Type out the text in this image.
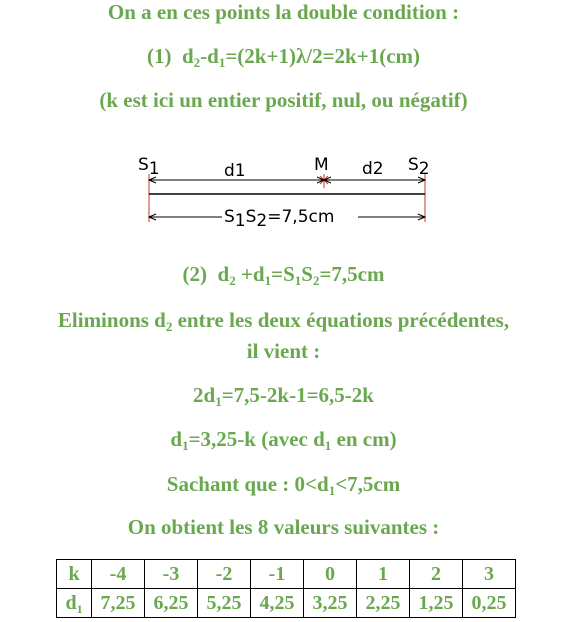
On a en ces points la double condition :
(1) $d_2-d_1=(2k+1)\lambda/2=2k+1(cm)$
(k est ici un entier positif, nul, ou négatif)
S1	d1	M d2 S2
S1S2=7,5cm
(2) $d_2 +d_1=S_1S_2=7,5cm$
Eliminons $d_2$ entre les deux équations précédentes,
il vient :
$2d_1=7,5-2k-1=6,5-2k$
$d_1=3,25-k$ (avec $d_1$ en cm)
Sachant que : $0<d_1<7,5cm$
On obtient les 8 valeurs suivantes :
k	-4	-3	-2	-1	0	1	2	3
$d_1$	7,25	6,25	5,25	4,25	3,25	2,25	1,25	0,25
